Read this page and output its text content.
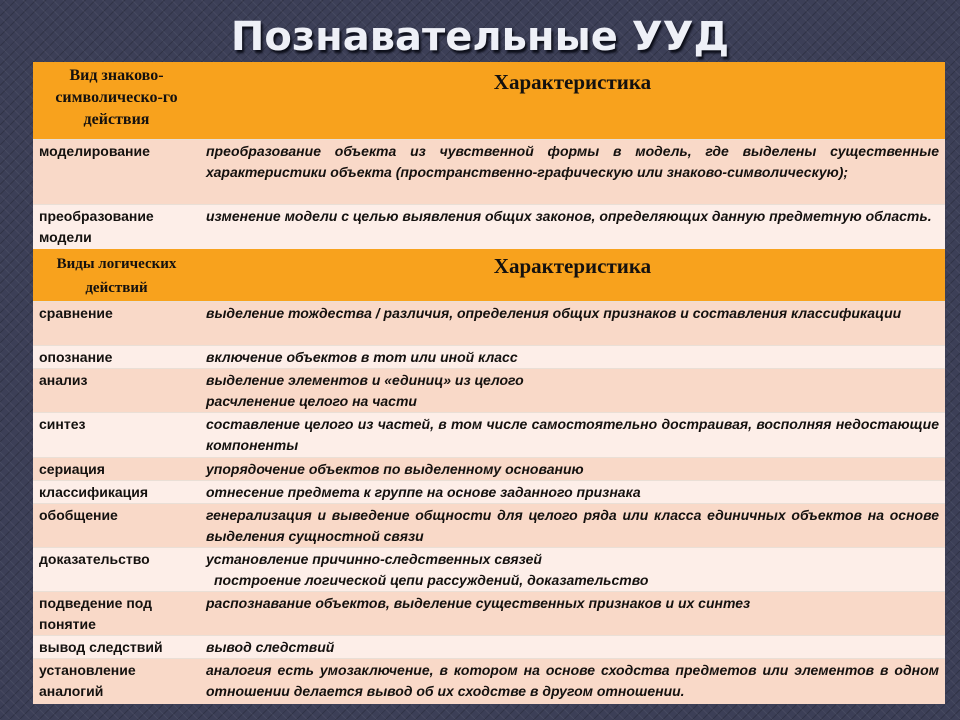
Познавательные УУД
Вид знаково-символическо-го действия	Характеристика
моделирование	преобразование объекта из чувственной формы в модель, где выделены существенные характеристики объекта (пространственно-графическую или знаково-символическую);
преобразование модели	изменение модели с целью выявления общих законов, определяющих данную предметную область.
Виды логических действий	Характеристика
сравнение	выделение тождества / различия, определения общих признаков и составления классификации
опознание	включение объектов в тот или иной класс
анализ	выделение элементов и «единиц» из целого
расчленение целого на части

синтез	составление целого из частей, в том числе самостоятельно достраивая, восполняя недостающие компоненты
сериация	упорядочение объектов по выделенному основанию
классификация	отнесение предмета к группе на основе заданного признака
обобщение	генерализация и выведение общности для целого ряда или класса единичных объектов на основе выделения сущностной связи
доказательство	установление причинно-следственных связей
построение логической цепи рассуждений, доказательство

подведение под понятие	распознавание объектов, выделение существенных признаков и их синтез
вывод следствий	вывод следствий
установление аналогий	аналогия есть умозаключение, в котором на основе сходства предметов или элементов в одном отношении делается вывод об их сходстве в другом отношении.
